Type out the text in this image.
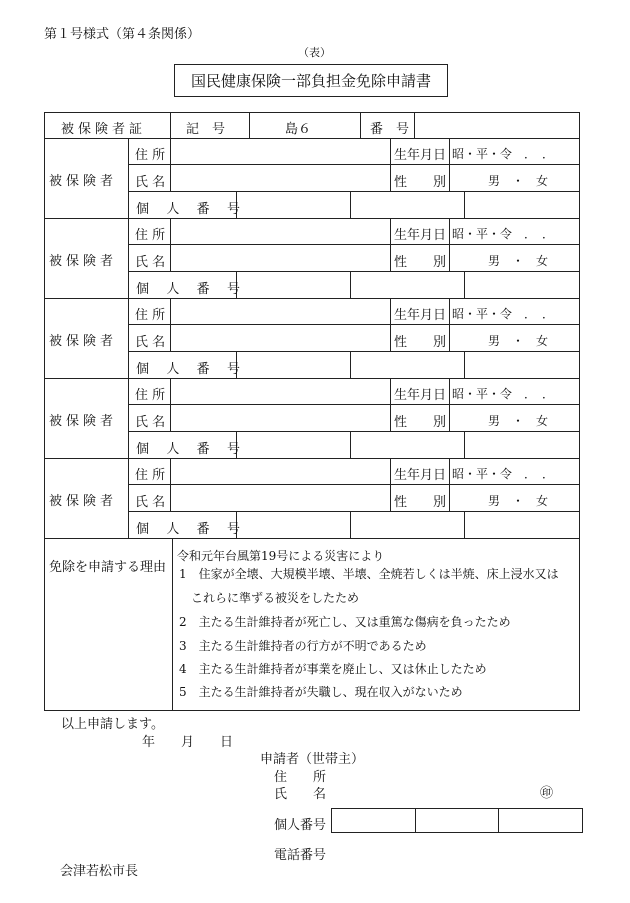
第１号様式（第４条関係）
（表）
国民健康保険一部負担金免除申請書
被保険者証	記　号	島６	番　号
被保険者
住 所	生年月日 昭・平・令　．　．
氏 名	性　　別	男　・　女
個 人 番 号
被保険者
住 所	生年月日 昭・平・令　．　．
氏 名	性　　別	男　・　女
個 人 番 号
被保険者
住 所	生年月日 昭・平・令　．　．
氏 名	性　　別	男　・　女
個 人 番 号
被保険者
住 所	生年月日 昭・平・令　．　．
氏 名	性　　別	男　・　女
個 人 番 号
被保険者
住 所	生年月日 昭・平・令　．　．
氏 名	性　　別	男　・　女
個 人 番 号
免除を申請する理由
令和元年台風第19号による災害により
1　住家が全壊、大規模半壊、半壊、全焼若しくは半焼、床上浸水又は
これらに準ずる被災をしたため
2　主たる生計維持者が死亡し、又は重篤な傷病を負ったため
3　主たる生計維持者の行方が不明であるため
4　主たる生計維持者が事業を廃止し、又は休止したため
5　主たる生計維持者が失職し、現在収入がないため
以上申請します。
年　　月　　日
申請者（世帯主）
住　　所
氏　　名	㊞
個人番号
電話番号
会津若松市長
